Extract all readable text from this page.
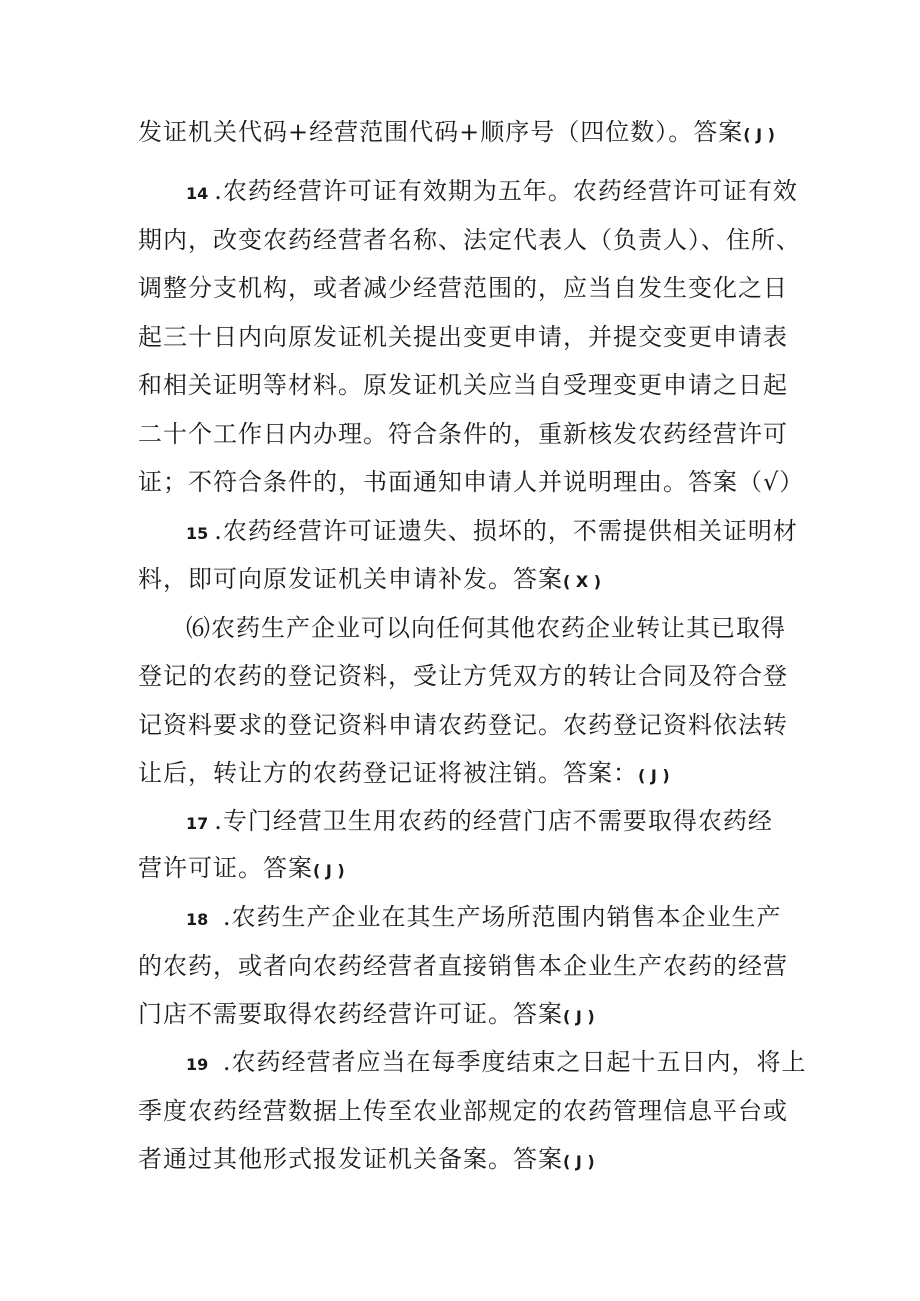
发证机关代码+经营范围代码+顺序号（四位数）。答案( J )
14 .农药经营许可证有效期为五年。农药经营许可证有效
期内，改变农药经营者名称、法定代表人（负责人）、住所、
调整分支机构，或者减少经营范围的，应当自发生变化之日
起三十日内向原发证机关提出变更申请，并提交变更申请表
和相关证明等材料。原发证机关应当自受理变更申请之日起
二十个工作日内办理。符合条件的，重新核发农药经营许可
证；不符合条件的，书面通知申请人并说明理由。答案（√）
15 .农药经营许可证遗失、损坏的，不需提供相关证明材
料，即可向原发证机关申请补发。答案( X )
⑹农药生产企业可以向任何其他农药企业转让其已取得
登记的农药的登记资料，受让方凭双方的转让合同及符合登
记资料要求的登记资料申请农药登记。农药登记资料依法转
让后，转让方的农药登记证将被注销。答案：( J )
17 .专门经营卫生用农药的经营门店不需要取得农药经
营许可证。答案( J )
18 .农药生产企业在其生产场所范围内销售本企业生产
的农药，或者向农药经营者直接销售本企业生产农药的经营
门店不需要取得农药经营许可证。答案( J )
19 .农药经营者应当在每季度结束之日起十五日内，将上
季度农药经营数据上传至农业部规定的农药管理信息平台或
者通过其他形式报发证机关备案。答案( J )
